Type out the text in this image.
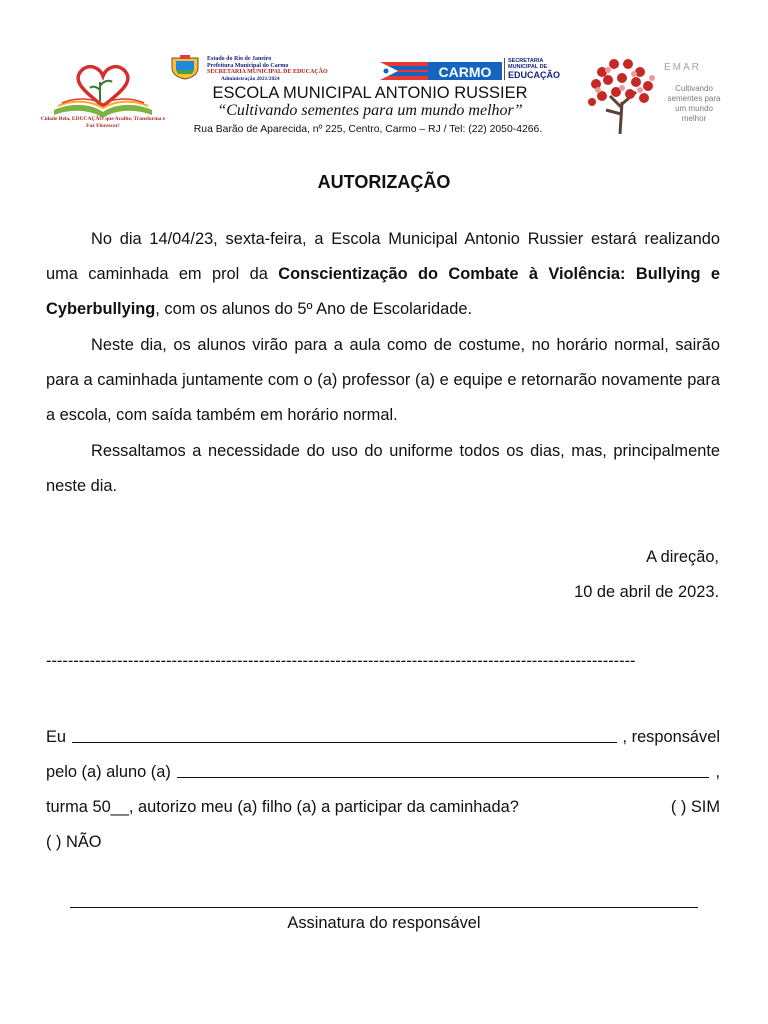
Cidade Bela, EDUCAÇÃO que Acolhe, Transforma e Faz Florescer!
Estado do Rio de Janeiro
Prefeitura Municipal do Carmo
SECRETARIA MUNICIPAL DE EDUCAÇÃO
Administração 2021/2024	CARMO
SECRETARIA MUNICIPAL DE
EDUCAÇÃO
ESCOLA MUNICIPAL ANTONIO RUSSIER
“Cultivando sementes para um mundo melhor”
Rua Barão de Aparecida, nº 225, Centro, Carmo – RJ / Tel: (22) 2050-4266.
EMAR
Cultivando sementes para um mundo melhor
AUTORIZAÇÃO
No dia 14/04/23, sexta-feira, a Escola Municipal Antonio Russier estará realizando uma caminhada em prol da Conscientização do Combate à Violência: Bullying e Cyberbullying, com os alunos do 5º Ano de Escolaridade.
Neste dia, os alunos virão para a aula como de costume, no horário normal, sairão para a caminhada juntamente com o (a) professor (a) e equipe e retornarão novamente para a escola, com saída também em horário normal.
Ressaltamos a necessidade do uso do uniforme todos os dias, mas, principalmente neste dia.
A direção,
10 de abril de 2023.
------------------------------------------------------------------------------------------------------------
Eu	, responsável
pelo (a) aluno (a)	,
turma 50__, autorizo meu (a) filho (a) a participar da caminhada?	( ) SIM
( ) NÃO
Assinatura do responsável
